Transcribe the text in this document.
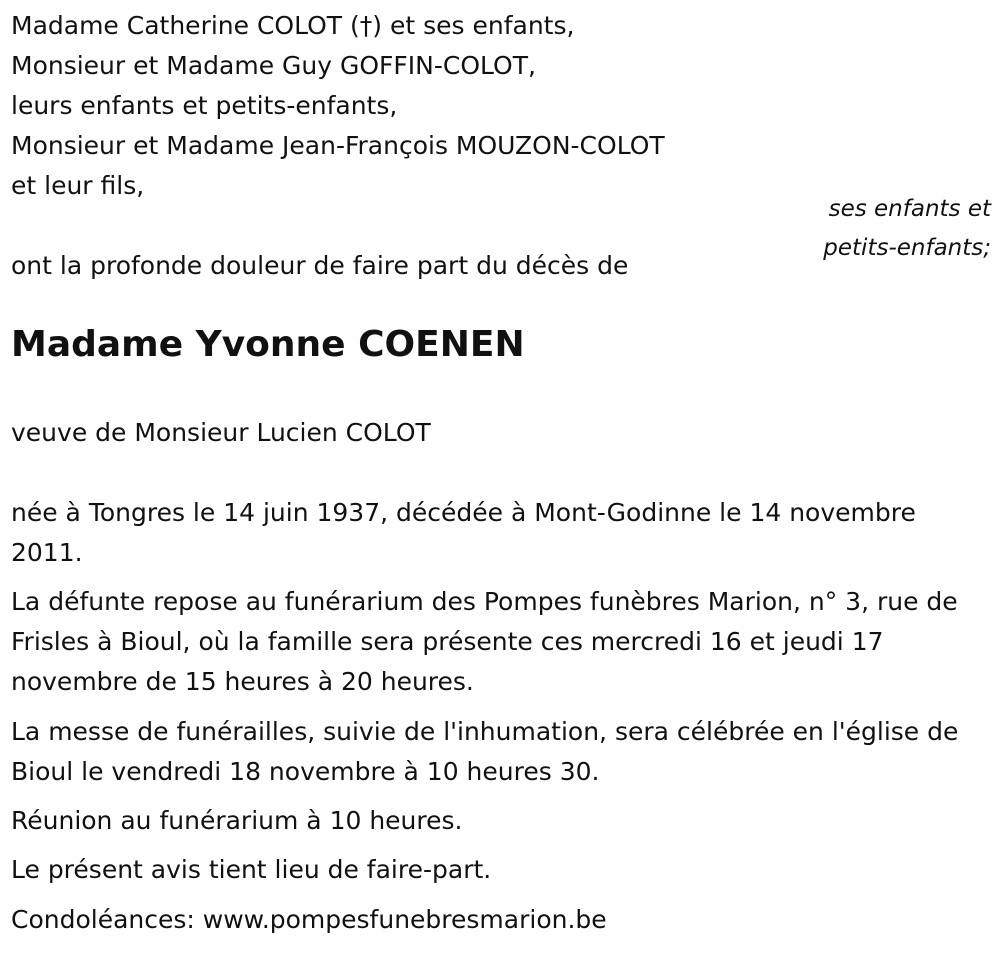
Madame Catherine COLOT (†) et ses enfants,
Monsieur et Madame Guy GOFFIN-COLOT,
leurs enfants et petits-enfants,
Monsieur et Madame Jean-François MOUZON-COLOT
et leur fils,
ses enfants et
petits-enfants;
ont la profonde douleur de faire part du décès de
Madame Yvonne COENEN
veuve de Monsieur Lucien COLOT
née à Tongres le 14 juin 1937, décédée à Mont-Godinne le 14 novembre 2011.
La défunte repose au funérarium des Pompes funèbres Marion, n° 3, rue de Frisles à Bioul, où la famille sera présente ces mercredi 16 et jeudi 17 novembre de 15 heures à 20 heures.
La messe de funérailles, suivie de l'inhumation, sera célébrée en l'église de Bioul le vendredi 18 novembre à 10 heures 30.
Réunion au funérarium à 10 heures.
Le présent avis tient lieu de faire-part.
Condoléances: www.pompesfunebresmarion.be
